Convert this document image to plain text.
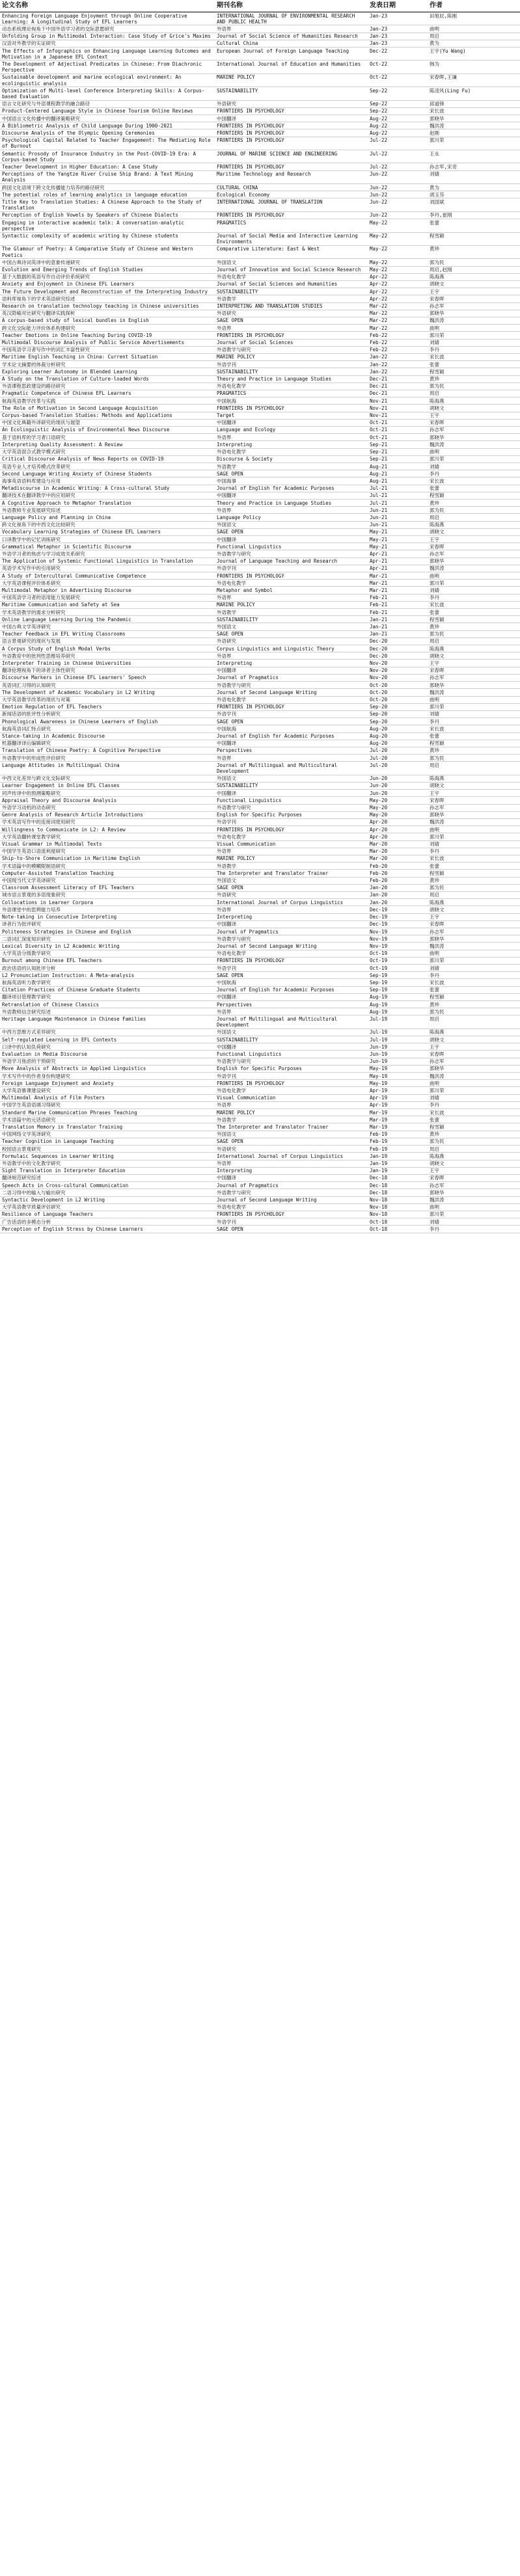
论文名称	期刊名称	发表日期	作者
Enhancing Foreign Language Enjoyment through Online Cooperative Learning: A Longitudinal Study of EFL Learners	INTERNATIONAL JOURNAL OF ENVIRONMENTAL RESEARCH AND PUBLIC HEALTH	Jan-23	田旭辰,陈刚
动态系统理论视角下中国外语学习者的交际意愿研究	外语界	Jan-23	曲明
Unfolding Group in Multimodal Interaction: Case Study of Grice's Maxims	Journal of Social Science of Humanities Research	Jan-23	周启
汉语对外教学的实证研究	Cultural China	Jan-23	黄为
The Effects of Infographics on Enhancing Language Learning Outcomes and Motivation in a Japanese EFL Context	European Journal of Foreign Language Teaching	Dec-22	王宇(Yu Wang)
The Development of Adjectival Predicates in Chinese: From Diachronic Perspective	International Journal of Education and Humanities	Oct-22	韩为
Sustainable development and marine ecological environment: An ecolinguistic analysis	MARINE POLICY	Oct-22	宋春晖,王谦
Optimization of Multi-level Conference Interpreting Skills: A Corpus-based Evaluation	SUSTAINABILITY	Sep-22	陈凌风(Ling Fu)
语言文化研究与外语课程教学的融合路径	外语研究	Sep-22	邱道锋
Product-Centered Language Style in Chinese Tourism Online Reviews	FRONTIERS IN PSYCHOLOGY	Sep-22	宋长波
中国语言文化传播中的翻译策略研究	中国翻译	Aug-22	郭晓华
A Bibliometric Analysis of Child Language During 1900-2021	FRONTIERS IN PSYCHOLOGY	Aug-22	魏洪涛
Discourse Analysis of the Olympic Opening Ceremonies	FRONTIERS IN PSYCHOLOGY	Aug-22	赵刚
Psychological Capital Related to Teacher Engagement: The Mediating Role of Burnout	FRONTIERS IN PSYCHOLOGY	Jul-22	郭川荣
Semantic Prosody of Insurance Industry in the Post-COVID-19 Era: A Corpus-based Study	JOURNAL OF MARINE SCIENCE AND ENGINEERING	Jul-22	王永
Teacher Development in Higher Education: A Case Study	FRONTIERS IN PSYCHOLOGY	Jul-22	孙志军,宋奇
Perceptions of the Yangtze River Cruise Ship Brand: A Text Mining Analysis	Maritime Technology and Research	Jun-22	刘婧
跨国文化语境下跨文化传播能力培养的路径研究	CULTURAL CHINA	Jun-22	黄为
The potential roles of learning analytics in language education	Ecological Economy	Jun-22	胡玉芬
Title Key to Translation Studies: A Chinese Approach to the Study of Translation	INTERNATIONAL JOURNAL OF TRANSLATION	Jun-22	刘国斌
Perception of English Vowels by Speakers of Chinese Dialects	FRONTIERS IN PSYCHOLOGY	Jun-22	李丹,崔刚
Engaging in interactive academic talk: A conversation-analytic perspective	PRAGMATICS	May-22	张蕾
Syntactic complexity of academic writing by Chinese students	Journal of Social Media and Interactive Learning Environments	May-22	程雪颖
The Glamour of Poetry: A Comparative Study of Chinese and Western Poetics	Comparative Literature: East & West	May-22	黄珍
中国古典诗词英译中的意象传递研究	外国语文	May-22	郭为民
Evolution and Emerging Trends of English Studies	Journal of Innovation and Social Science Research	May-22	周启,赵刚
基于大数据的英语写作自动评价系统研究	外语电化教学	Apr-22	陈海燕
Anxiety and Enjoyment in Chinese EFL Learners	Journal of Social Sciences and Humanities	Apr-22	胡晓文
The Future Development and Reconstruction of the Interpreting Industry	SUSTAINABILITY	Apr-22	王宇
语料库视角下的学术英语研究综述	外语教学	Apr-22	宋春晖
Research on translation technology teaching in Chinese universities	INTERPRETING AND TRANSLATION STUDIES	Mar-22	孙志军
英汉隐喻对比研究与翻译实践探析	外语研究	Mar-22	郭晓华
A corpus-based study of lexical bundles in English	SAGE OPEN	Mar-22	魏洪涛
跨文化交际能力评价体系构建研究	外语界	Mar-22	曲明
Teacher Emotions in Online Teaching During COVID-19	FRONTIERS IN PSYCHOLOGY	Feb-22	郭川荣
Multimodal Discourse Analysis of Public Service Advertisements	Journal of Social Sciences	Feb-22	刘婧
中国英语学习者写作中的词汇丰富性研究	外语教学与研究	Feb-22	李丹
Maritime English Teaching in China: Current Situation	MARINE POLICY	Jan-22	宋长波
学术论文摘要的体裁分析研究	外语学刊	Jan-22	张蕾
Exploring Learner Autonomy in Blended Learning	SUSTAINABILITY	Jan-22	程雪颖
A Study on the Translation of Culture-loaded Words	Theory and Practice in Language Studies	Dec-21	黄珍
外语课程思政建设的路径研究	外语电化教学	Dec-21	郭为民
Pragmatic Competence of Chinese EFL Learners	PRAGMATICS	Dec-21	周启
航海英语教学改革与实践	中国航海	Nov-21	陈海燕
The Role of Motivation in Second Language Acquisition	FRONTIERS IN PSYCHOLOGY	Nov-21	胡晓文
Corpus-based Translation Studies: Methods and Applications	Target	Nov-21	王宇
中国文化典籍外译研究的现状与展望	中国翻译	Oct-21	宋春晖
An Ecolinguistic Analysis of Environmental News Discourse	Language and Ecology	Oct-21	孙志军
基于语料库的学习者口语研究	外语界	Oct-21	郭晓华
Interpreting Quality Assessment: A Review	Interpreting	Sep-21	魏洪涛
大学英语混合式教学模式研究	外语电化教学	Sep-21	曲明
Critical Discourse Analysis of News Reports on COVID-19	Discourse & Society	Sep-21	郭川荣
英语专业人才培养模式改革研究	外语教学	Aug-21	刘婧
Second Language Writing Anxiety of Chinese Students	SAGE OPEN	Aug-21	李丹
海事英语语料库建设与应用	中国海事	Aug-21	宋长波
Metadiscourse in Academic Writing: A Cross-cultural Study	Journal of English for Academic Purposes	Jul-21	张蕾
翻译技术在翻译教学中的应用研究	中国翻译	Jul-21	程雪颖
A Cognitive Approach to Metaphor Translation	Theory and Practice in Language Studies	Jul-21	黄珍
外语教师专业发展研究综述	外语界	Jun-21	郭为民
Language Policy and Planning in China	Language Policy	Jun-21	周启
跨文化视角下的中西文化比较研究	外国语文	Jun-21	陈海燕
Vocabulary Learning Strategies of Chinese EFL Learners	SAGE OPEN	May-21	胡晓文
口译教学中的记忆训练研究	中国翻译	May-21	王宇
Grammatical Metaphor in Scientific Discourse	Functional Linguistics	May-21	宋春晖
外语学习者的焦虑与学习成效关系研究	外语教学与研究	Apr-21	孙志军
The Application of Systemic Functional Linguistics in Translation	Journal of Language Teaching and Research	Apr-21	郭晓华
英语学术写作中的引用研究	外语学刊	Apr-21	魏洪涛
A Study of Intercultural Communicative Competence	FRONTIERS IN PSYCHOLOGY	Mar-21	曲明
大学英语课程评价体系研究	外语电化教学	Mar-21	郭川荣
Multimodal Metaphor in Advertising Discourse	Metaphor and Symbol	Mar-21	刘婧
中国英语学习者的语用能力发展研究	外语界	Feb-21	李丹
Maritime Communication and Safety at Sea	MARINE POLICY	Feb-21	宋长波
学术英语教学的需求分析研究	外语教学	Feb-21	张蕾
Online Language Learning During the Pandemic	SUSTAINABILITY	Jan-21	程雪颖
中国古典文学英译研究	外国语文	Jan-21	黄珍
Teacher Feedback in EFL Writing Classrooms	SAGE OPEN	Jan-21	郭为民
语言景观研究的现状与发展	外语研究	Dec-20	周启
A Corpus Study of English Modal Verbs	Corpus Linguistics and Linguistic Theory	Dec-20	陈海燕
外语教育中的批判性思维培养研究	外语界	Dec-20	胡晓文
Interpreter Training in Chinese Universities	Interpreting	Nov-20	王宇
翻译伦理视角下的译者主体性研究	中国翻译	Nov-20	宋春晖
Discourse Markers in Chinese EFL Learners' Speech	Journal of Pragmatics	Nov-20	孙志军
英语词汇习得的认知研究	外语教学与研究	Oct-20	郭晓华
The Development of Academic Vocabulary in L2 Writing	Journal of Second Language Writing	Oct-20	魏洪涛
大学英语教学改革的现状与对策	外语电化教学	Oct-20	曲明
Emotion Regulation of EFL Teachers	FRONTIERS IN PSYCHOLOGY	Sep-20	郭川荣
新闻话语的批评性分析研究	外语学刊	Sep-20	刘婧
Phonological Awareness in Chinese Learners of English	SAGE OPEN	Sep-20	李丹
航海英语词汇特点研究	中国航海	Aug-20	宋长波
Stance-taking in Academic Discourse	Journal of English for Academic Purposes	Aug-20	张蕾
机器翻译译后编辑研究	中国翻译	Aug-20	程雪颖
Translation of Chinese Poetry: A Cognitive Perspective	Perspectives	Jul-20	黄珍
外语教学中的形成性评价研究	外语界	Jul-20	郭为民
Language Attitudes in Multilingual China	Journal of Multilingual and Multicultural Development	Jul-20	周启
中西文化差异与跨文化交际研究	外国语文	Jun-20	陈海燕
Learner Engagement in Online EFL Classes	SUSTAINABILITY	Jun-20	胡晓文
同声传译中的预测策略研究	中国翻译	Jun-20	王宇
Appraisal Theory and Discourse Analysis	Functional Linguistics	May-20	宋春晖
外语学习动机的动态研究	外语教学与研究	May-20	孙志军
Genre Analysis of Research Article Introductions	English for Specific Purposes	May-20	郭晓华
学术英语写作中的连接词使用研究	外语学刊	Apr-20	魏洪涛
Willingness to Communicate in L2: A Review	FRONTIERS IN PSYCHOLOGY	Apr-20	曲明
大学英语翻转课堂教学研究	外语电化教学	Apr-20	郭川荣
Visual Grammar in Multimodal Texts	Visual Communication	Mar-20	刘婧
中国学生英语口语流利度研究	外语界	Mar-20	李丹
Ship-to-Shore Communication in Maritime English	MARINE POLICY	Mar-20	宋长波
学术语篇中的模糊限制语研究	外语教学	Feb-20	张蕾
Computer-Assisted Translation Teaching	The Interpreter and Translator Trainer	Feb-20	程雪颖
中国现当代文学英译研究	外国语文	Feb-20	黄珍
Classroom Assessment Literacy of EFL Teachers	SAGE OPEN	Jan-20	郭为民
城市语言景观的多语现象研究	外语研究	Jan-20	周启
Collocations in Learner Corpora	International Journal of Corpus Linguistics	Jan-20	陈海燕
外语课堂中的思辨能力培养	外语界	Dec-19	胡晓文
Note-taking in Consecutive Interpreting	Interpreting	Dec-19	王宇
译者行为批评研究	中国翻译	Dec-19	宋春晖
Politeness Strategies in Chinese and English	Journal of Pragmatics	Nov-19	孙志军
二语词汇深度知识研究	外语教学与研究	Nov-19	郭晓华
Lexical Diversity in L2 Academic Writing	Journal of Second Language Writing	Nov-19	魏洪涛
大学英语分级教学研究	外语电化教学	Oct-19	曲明
Burnout among Chinese EFL Teachers	FRONTIERS IN PSYCHOLOGY	Oct-19	郭川荣
政治话语的认知批评分析	外语学刊	Oct-19	刘婧
L2 Pronunciation Instruction: A Meta-analysis	SAGE OPEN	Sep-19	李丹
航海英语听力教学研究	中国航海	Sep-19	宋长波
Citation Practices of Chinese Graduate Students	Journal of English for Academic Purposes	Sep-19	张蕾
翻译项目管理教学研究	中国翻译	Aug-19	程雪颖
Retranslation of Chinese Classics	Perspectives	Aug-19	黄珍
外语教师信念研究综述	外语界	Aug-19	郭为民
Heritage Language Maintenance in Chinese Families	Journal of Multilingual and Multicultural Development	Jul-19	周启
中西方思维方式差异研究	外国语文	Jul-19	陈海燕
Self-regulated Learning in EFL Contexts	SUSTAINABILITY	Jul-19	胡晓文
口译中的认知负荷研究	中国翻译	Jun-19	王宇
Evaluation in Media Discourse	Functional Linguistics	Jun-19	宋春晖
外语学习焦虑的干预研究	外语教学与研究	Jun-19	孙志军
Move Analysis of Abstracts in Applied Linguistics	English for Specific Purposes	May-19	郭晓华
学术写作中的作者身份构建研究	外语学刊	May-19	魏洪涛
Foreign Language Enjoyment and Anxiety	FRONTIERS IN PSYCHOLOGY	May-19	曲明
大学英语慕课建设研究	外语电化教学	Apr-19	郭川荣
Multimodal Analysis of Film Posters	Visual Communication	Apr-19	刘婧
中国学生英语语调习得研究	外语界	Apr-19	李丹
Standard Marine Communication Phrases Teaching	MARINE POLICY	Mar-19	宋长波
学术语篇中的元话语研究	外语教学	Mar-19	张蕾
Translation Memory in Translator Training	The Interpreter and Translator Trainer	Mar-19	程雪颖
中国网络文学英译研究	外国语文	Feb-19	黄珍
Teacher Cognition in Language Teaching	SAGE OPEN	Feb-19	郭为民
校园语言景观研究	外语研究	Feb-19	周启
Formulaic Sequences in Learner Writing	International Journal of Corpus Linguistics	Jan-19	陈海燕
外语教学中的文化教学研究	外语界	Jan-19	胡晓文
Sight Translation in Interpreter Education	Interpreting	Jan-19	王宇
翻译规范研究综述	中国翻译	Dec-18	宋春晖
Speech Acts in Cross-cultural Communication	Journal of Pragmatics	Dec-18	孙志军
二语习得中的输入与输出研究	外语教学与研究	Dec-18	郭晓华
Syntactic Development in L2 Writing	Journal of Second Language Writing	Nov-18	魏洪涛
大学英语教学质量评估研究	外语电化教学	Nov-18	曲明
Resilience of Language Teachers	FRONTIERS IN PSYCHOLOGY	Nov-18	郭川荣
广告话语的多模态分析	外语学刊	Oct-18	刘婧
Perception of English Stress by Chinese Learners	SAGE OPEN	Oct-18	李丹
